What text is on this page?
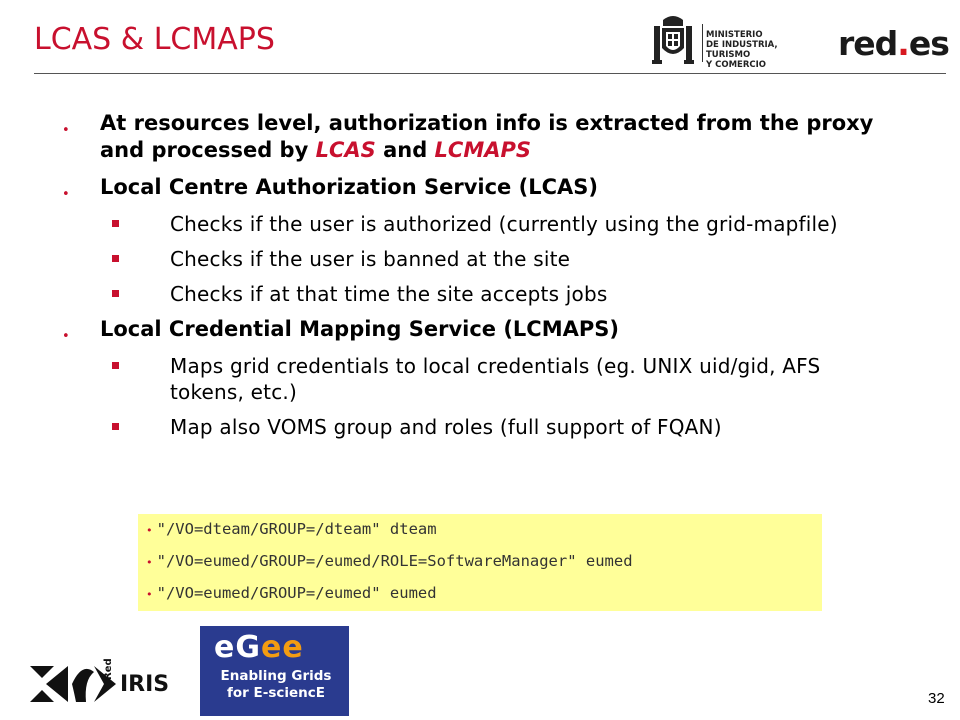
LCAS & LCMAPS	MINISTERIO
DE INDUSTRIA, TURISMO
Y COMERCIO
red.es
• At resources level, authorization info is extracted from the proxy and processed by LCAS and LCMAPS
• Local Centre Authorization Service (LCAS)
Checks if the user is authorized (currently using the grid-mapfile)
Checks if the user is banned at the site
Checks if at that time the site accepts jobs
• Local Credential Mapping Service (LCMAPS)
Maps grid credentials to local credentials (eg. UNIX uid/gid, AFS tokens, etc.)
Map also VOMS group and roles (full support of FQAN)
• "/VO=dteam/GROUP=/dteam" dteam
• "/VO=eumed/GROUP=/eumed/ROLE=SoftwareManager" eumed
• "/VO=eumed/GROUP=/eumed" eumed
Red
IRIS
eGee
Enabling Grids for E-sciencE	32
